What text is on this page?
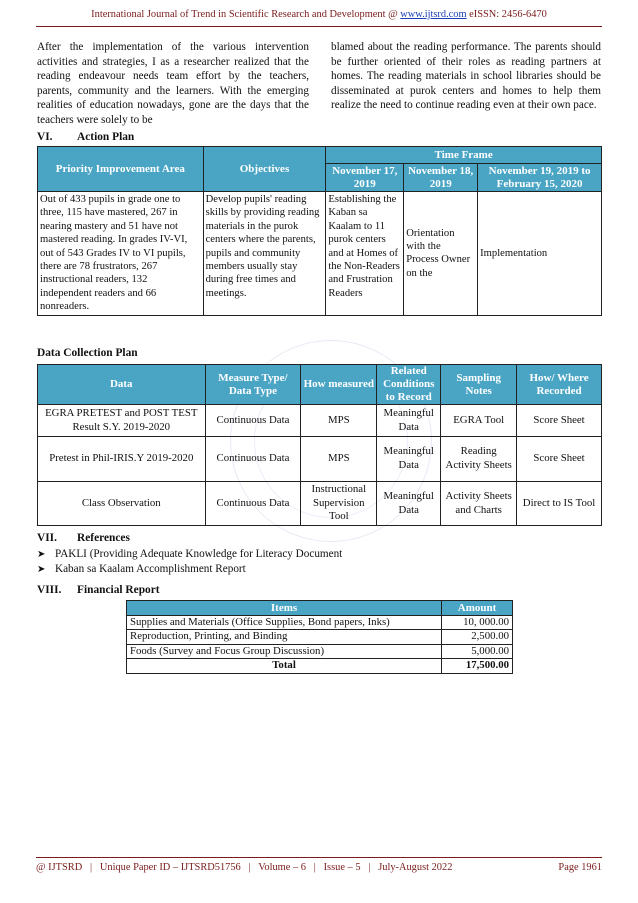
International Journal of Trend in Scientific Research and Development @ www.ijtsrd.com eISSN: 2456-6470
After the implementation of the various intervention activities and strategies, I as a researcher realized that the reading endeavour needs team effort by the teachers, parents, community and the learners. With the emerging realities of education nowadays, gone are the days that the teachers were solely to be
blamed about the reading performance. The parents should be further oriented of their roles as reading partners at homes. The reading materials in school libraries should be disseminated at purok centers and homes to help them realize the need to continue reading even at their own pace.
VI. Action Plan
Priority Improvement Area	Objectives	Time Frame		
		November 17, 2019	November 18, 2019	November 19, 2019 to February 15, 2020
Out of 433 pupils in grade one to three, 115 have mastered, 267 in nearing mastery and 51 have not mastered reading. In grades IV-VI, out of 543 Grades IV to VI pupils, there are 78 frustrators, 267 instructional readers, 132 independent readers and 66 nonreaders.	Develop pupils' reading skills by providing reading materials in the purok centers where the parents, pupils and community members usually stay during free times and meetings.	Establishing the Kaban sa Kaalam to 11 purok centers and at Homes of the Non-Readers and Frustration Readers	Orientation with the Process Owner on the	Implementation
Data Collection Plan
Data	Measure Type/ Data Type	How measured	Related Conditions to Record	Sampling Notes	How/ Where Recorded
EGRA PRETEST and POST TEST Result S.Y. 2019-2020	Continuous Data	MPS	Meaningful Data	EGRA Tool	Score Sheet
Pretest in Phil-IRIS.Y 2019-2020	Continuous Data	MPS	Meaningful Data	Reading Activity Sheets	Score Sheet
Class Observation	Continuous Data	Instructional Supervision Tool	Meaningful Data	Activity Sheets and Charts	Direct to IS Tool
VII. References
➤ PAKLI (Providing Adequate Knowledge for Literacy Document
➤ Kaban sa Kaalam Accomplishment Report
VIII. Financial Report
Items	Amount
Supplies and Materials (Office Supplies, Bond papers, Inks)	10, 000.00
Reproduction, Printing, and Binding	2,500.00
Foods (Survey and Focus Group Discussion)	5,000.00
Total	17,500.00
@ IJTSRD   |   Unique Paper ID – IJTSRD51756   |   Volume – 6   |   Issue – 5   |   July-August 2022	Page 1961
